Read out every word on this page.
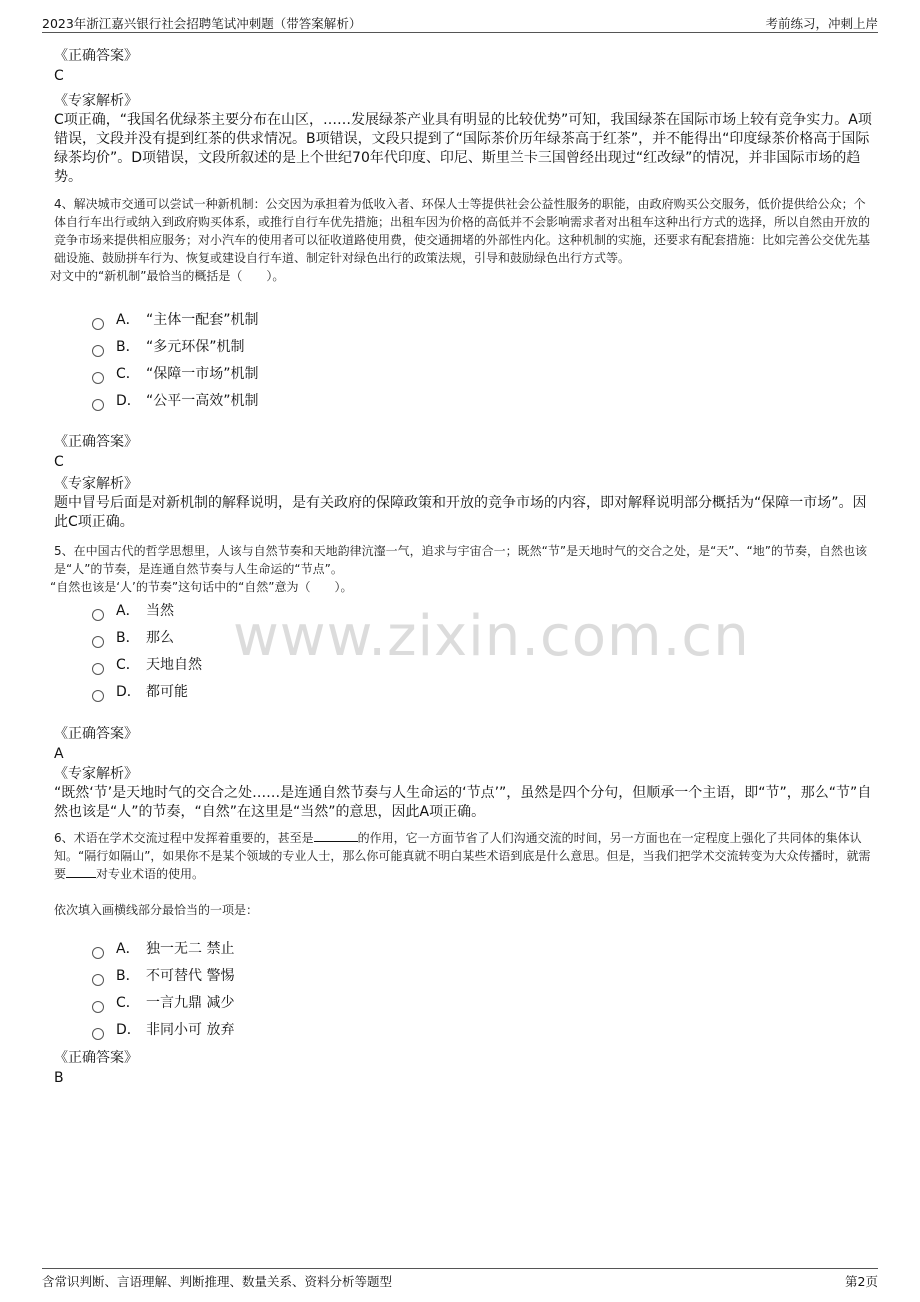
2023年浙江嘉兴银行社会招聘笔试冲刺题（带答案解析）	考前练习，冲刺上岸
www.zixin.com.cn
《正确答案》
C
《专家解析》
C项正确，“我国名优绿茶主要分布在山区，……发展绿茶产业具有明显的比较优势”可知，我国绿茶在国际市场上较有竞争实力。A项错误，文段并没有提到红茶的供求情况。B项错误，文段只提到了“国际茶价历年绿茶高于红茶”，并不能得出“印度绿茶价格高于国际绿茶均价”。D项错误，文段所叙述的是上个世纪70年代印度、印尼、斯里兰卡三国曾经出现过“红改绿”的情况，并非国际市场的趋势。
4、解决城市交通可以尝试一种新机制：公交因为承担着为低收入者、环保人士等提供社会公益性服务的职能，由政府购买公交服务，低价提供给公众；个体自行车出行或纳入到政府购买体系，或推行自行车优先措施；出租车因为价格的高低并不会影响需求者对出租车这种出行方式的选择，所以自然由开放的竞争市场来提供相应服务；对小汽车的使用者可以征收道路使用费，使交通拥堵的外部性内化。这种机制的实施，还要求有配套措施：比如完善公交优先基础设施、鼓励拼车行为、恢复或建设自行车道、制定针对绿色出行的政策法规，引导和鼓励绿色出行方式等。
对文中的“新机制”最恰当的概括是（　　）。
A． “主体一配套”机制
B． “多元环保”机制
C． “保障一市场”机制
D． “公平一高效”机制
《正确答案》
C
《专家解析》
题中冒号后面是对新机制的解释说明，是有关政府的保障政策和开放的竞争市场的内容，即对解释说明部分概括为“保障一市场”。因此C项正确。
5、在中国古代的哲学思想里，人该与自然节奏和天地韵律沆瀣一气，追求与宇宙合一；既然“节”是天地时气的交合之处，是“天”、“地”的节奏，自然也该是“人”的节奏，是连通自然节奏与人生命运的“节点”。
“自然也该是‘人’的节奏”这句话中的“自然”意为（　　）。
A． 当然
B． 那么
C． 天地自然
D． 都可能
《正确答案》
A
《专家解析》
“既然‘节’是天地时气的交合之处……是连通自然节奏与人生命运的‘节点’”，虽然是四个分句，但顺承一个主语，即“节”，那么“节”自然也该是“人”的节奏，“自然”在这里是“当然”的意思，因此A项正确。
6、术语在学术交流过程中发挥着重要的，甚至是	的作用，它一方面节省了人们沟通交流的时间，另一方面也在一定程度上强化了共同体的集体认知。“隔行如隔山”，如果你不是某个领域的专业人士，那么你可能真就不明白某些术语到底是什么意思。但是，当我们把学术交流转变为大众传播时，就需要	对专业术语的使用。
依次填入画横线部分最恰当的一项是：
A． 独一无二 禁止
B． 不可替代 警惕
C． 一言九鼎 减少
D． 非同小可 放弃
《正确答案》
B
含常识判断、言语理解、判断推理、数量关系、资料分析等题型	第2页
